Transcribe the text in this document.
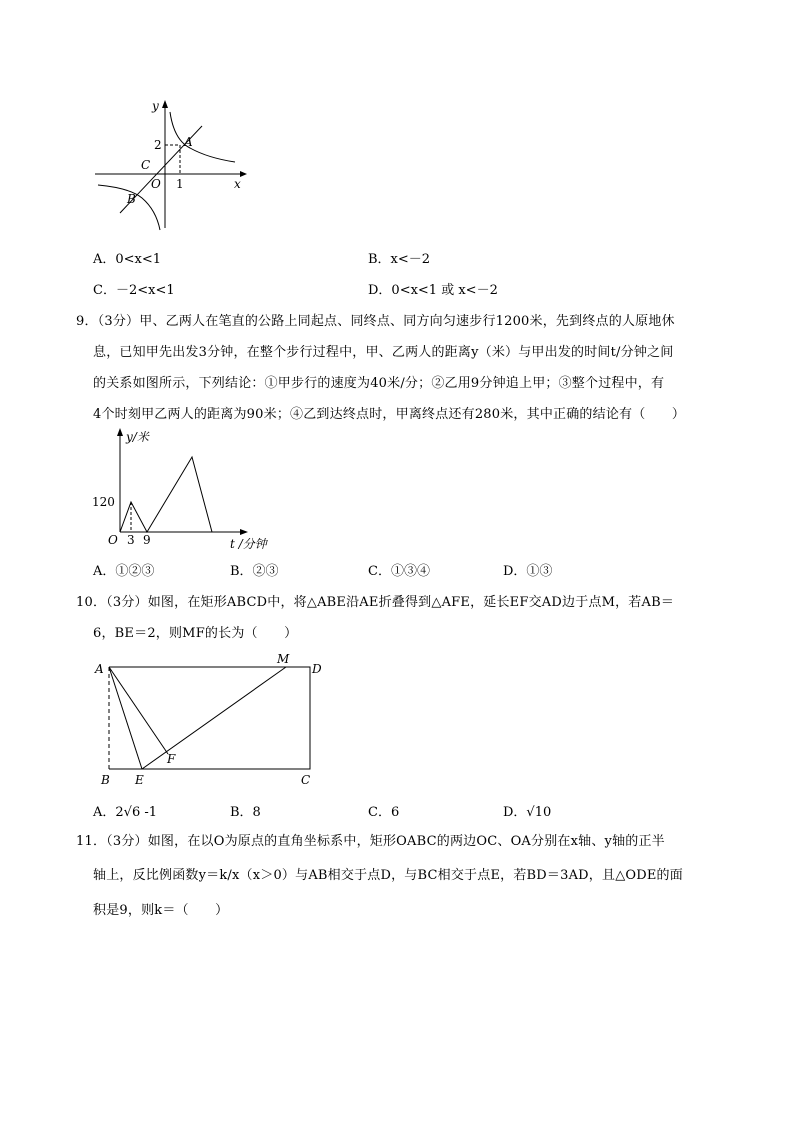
y
x
2
1
O
A
B
C
A．0<x<1	B．x<－2
C．－2<x<1	D．0<x<1 或 x<－2
9．（3分）甲、乙两人在笔直的公路上同起点、同终点、同方向匀速步行1200米，先到终点的人原地休
息，已知甲先出发3分钟，在整个步行过程中，甲、乙两人的距离y（米）与甲出发的时间t/分钟之间
的关系如图所示，下列结论：①甲步行的速度为40米/分；②乙用9分钟追上甲；③整个过程中，有
4个时刻甲乙两人的距离为90米；④乙到达终点时，甲离终点还有280米，其中正确的结论有（　　）
y/米
120
O 3 9	t /分钟
A．①②③	B．②③	C．①③④	D．①③
10．（3分）如图，在矩形ABCD中，将△ABE沿AE折叠得到△AFE，延长EF交AD边于点M，若AB＝
6，BE＝2，则MF的长为（　　）
A
M
D
F
B E	C
A．2√6 -1	B．8	C．6	D．√10
11．（3分）如图，在以O为原点的直角坐标系中，矩形OABC的两边OC、OA分别在x轴、y轴的正半
轴上，反比例函数y＝k/x（x＞0）与AB相交于点D，与BC相交于点E，若BD＝3AD，且△ODE的面
积是9，则k＝（　　）
